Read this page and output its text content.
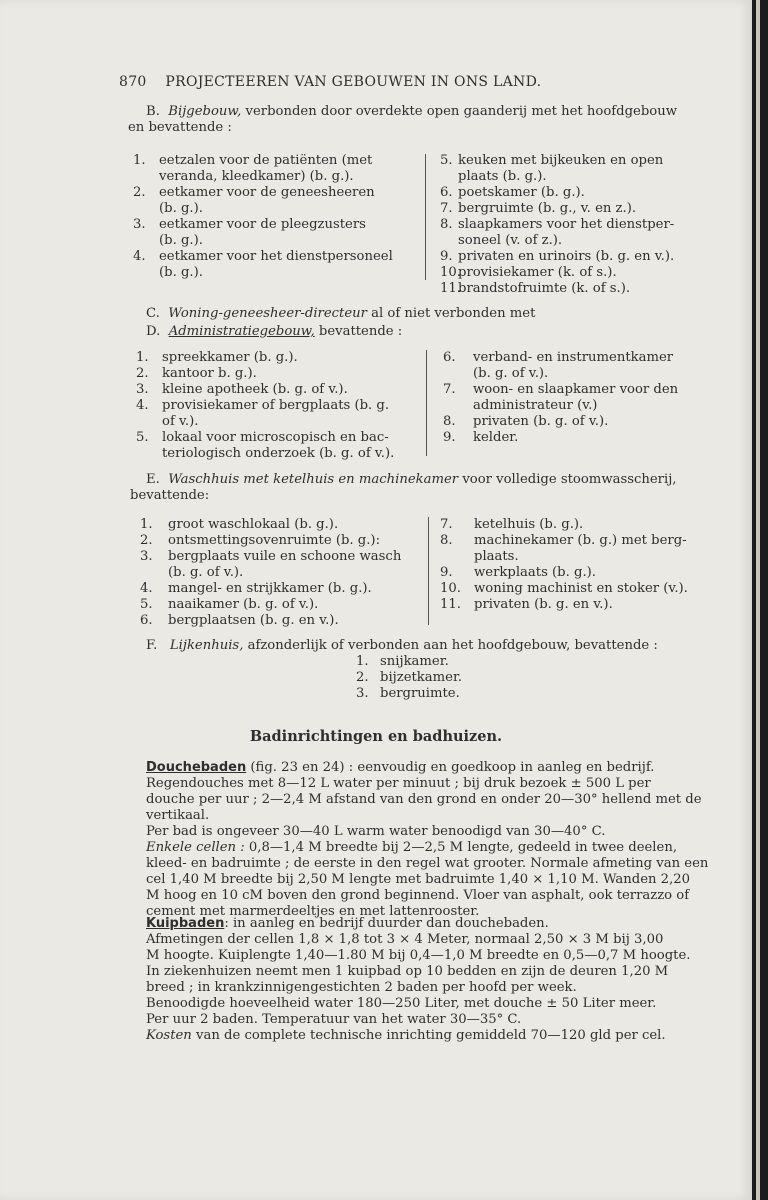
870 PROJECTEERE​N VAN GEBOUWEN IN ONS LAND.
B. Bijgebouw, verbonden door overdekte open gaanderij met het hoofdgebouw
en bevattende :
1. eetzalen voor de patiënten (met
veranda, kleedkamer) (b. g.).
2. eetkamer voor de geneesheeren
(b. g.).
3. eetkamer voor de pleegzusters
(b. g.).
4. eetkamer voor het dienstpersoneel
(b. g.).
5. keuken met bijkeuken en open
plaats (b. g.).
6. poetskamer (b. g.).
7. bergruimte (b. g., v. en z.).
8. slaapkamers voor het dienstper-
soneel (v. of z.).
9. privaten en urinoirs (b. g. en v.).
10.
provisiekamer (k. of s.).
11.
brandstofruimte (k. of s.).
C. Woning-geneesheer-directeur al of niet verbonden met
D. Administratiegebouw, bevattende :
1. spreekkamer (b. g.).
2. kantoor b. g.).
3. kleine apotheek (b. g. of v.).
4. provisiekamer of bergplaats (b. g.
of v.).
5. lokaal voor microscopisch en bac-
teriologisch onderzoek (b. g. of v.).
6. verband- en instrumentkamer
(b. g. of v.).
7. woon- en slaapkamer voor den
administrateur (v.)
8. privaten (b. g. of v.).
9. kelder.
E. Waschhuis met ketelhuis en machinekamer voor volledige stoomwasscherij,
bevattende:
1. groot waschlokaal (b. g.).
2. ontsmettingsovenruimte (b. g.):
3. bergplaats vuile en schoone wasch
(b. g. of v.).
4. mangel- en strijkkamer (b. g.).
5. naaikamer (b. g. of v.).
6. bergplaatsen (b. g. en v.).
7. ketelhuis (b. g.).
8. machinekamer (b. g.) met berg-
plaats.
9. werkplaats (b. g.).
10. woning machinist en stoker (v.).
11. privaten (b. g. en v.).
F. Lijkenhuis, afzonderlijk of verbonden aan het hoofdgebouw, bevattende :
1. snijkamer.
2. bijzetkamer.
3. bergruimte.
Badinrichtingen en badhuizen.
Douchebaden (fig. 23 en 24) : eenvoudig en goedkoop in aanleg en bedrijf.
Regendouches met 8—12 L water per minuut ; bij druk bezoek ± 500 L per
douche per uur ; 2—2,4 M afstand van den grond en onder 20—30° hellend met de
vertikaal.
Per bad is ongeveer 30—40 L warm water benoodigd van 30—40° C.
Enkele cellen : 0,8—1,4 M breedte bij 2—2,5 M lengte, gedeeld in twee deelen,
kleed- en badruimte ; de eerste in den regel wat grooter. Normale afmeting van een
cel 1,40 M breedte bij 2,50 M lengte met badruimte 1,40 × 1,10 M. Wanden 2,20
M hoog en 10 cM boven den grond beginnend. Vloer van asphalt, ook terrazzo of
cement met marmerdeeltjes en met lattenrooster.
Kuipbaden: in aanleg en bedrijf duurder dan douchebaden.
Afmetingen der cellen 1,8 × 1,8 tot 3 × 4 Meter, normaal 2,50 × 3 M bij 3,00
M hoogte. Kuiplengte 1,40—1.80 M bij 0,4—1,0 M breedte en 0,5—0,7 M hoogte.
In ziekenhuizen neemt men 1 kuipbad op 10 bedden en zijn de deuren 1,20 M
breed ; in krankzinnigengestichten 2 baden per hoofd per week.
Benoodigde hoeveelheid water 180—250 Liter, met douche ± 50 Liter meer.
Per uur 2 baden. Temperatuur van het water 30—35° C.
Kosten van de complete technische inrichting gemiddeld 70—120 gld per cel.
